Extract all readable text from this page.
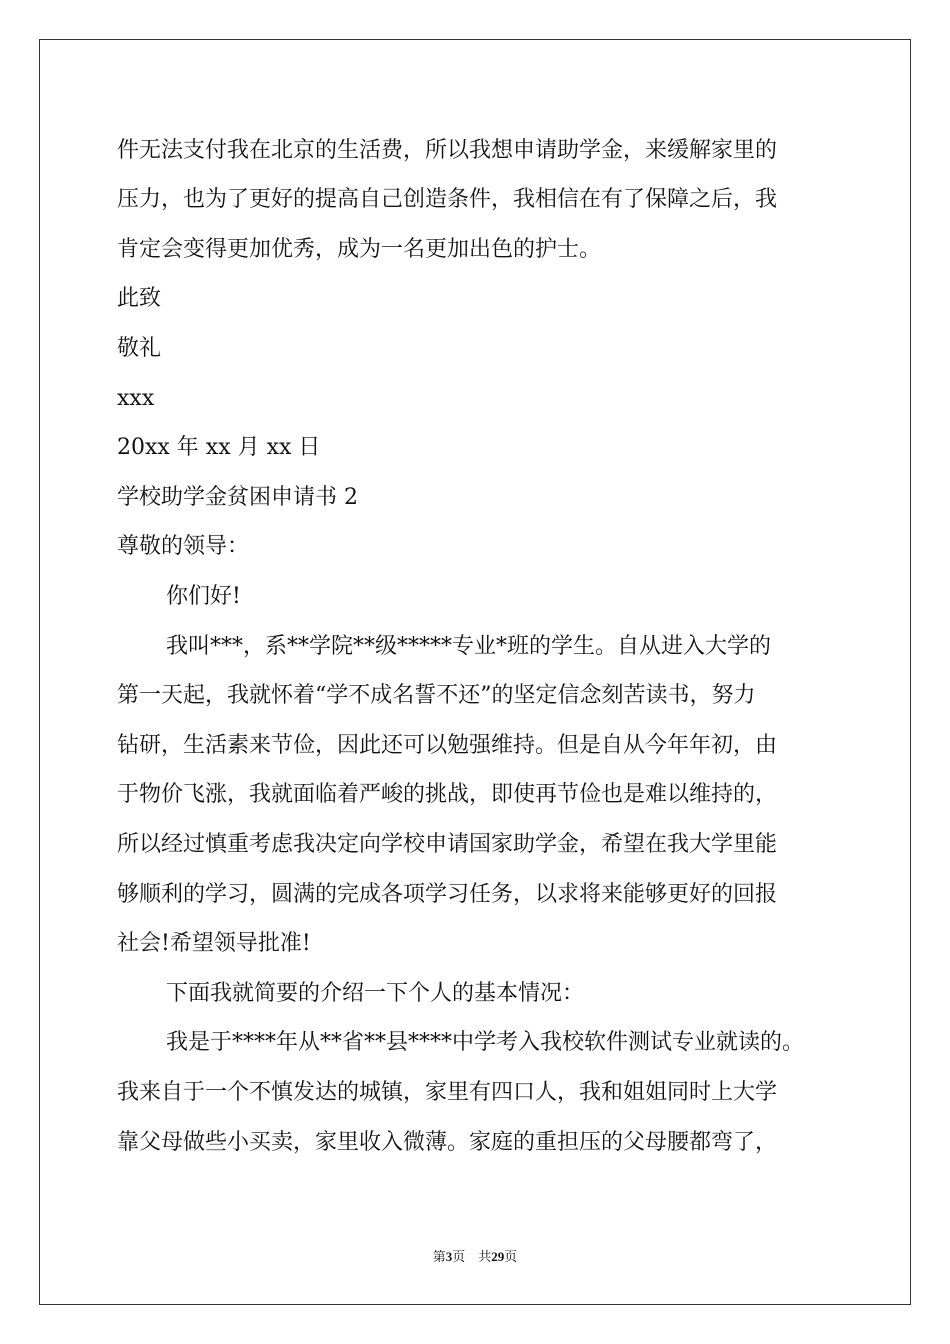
件无法支付我在北京的生活费，所以我想申请助学金，来缓解家里的

压力，也为了更好的提高自己创造条件，我相信在有了保障之后，我

肯定会变得更加优秀，成为一名更加出色的护士。

此致

敬礼

xxx

20xx 年 xx 月 xx 日

学校助学金贫困申请书 2

尊敬的领导：

你们好!

我叫***，系**学院**级*****专业*班的学生。自从进入大学的

第一天起，我就怀着“学不成名誓不还”的坚定信念刻苦读书，努力

钻研，生活素来节俭，因此还可以勉强维持。但是自从今年年初，由

于物价飞涨，我就面临着严峻的挑战，即使再节俭也是难以维持的，

所以经过慎重考虑我决定向学校申请国家助学金，希望在我大学里能

够顺利的学习，圆满的完成各项学习任务，以求将来能够更好的回报

社会!希望领导批准!

下面我就简要的介绍一下个人的基本情况：

我是于****年从**省**县****中学考入我校软件测试专业就读的。

我来自于一个不慎发达的城镇，家里有四口人，我和姐姐同时上大学

靠父母做些小买卖，家里收入微薄。家庭的重担压的父母腰都弯了，

第3页　共29页
